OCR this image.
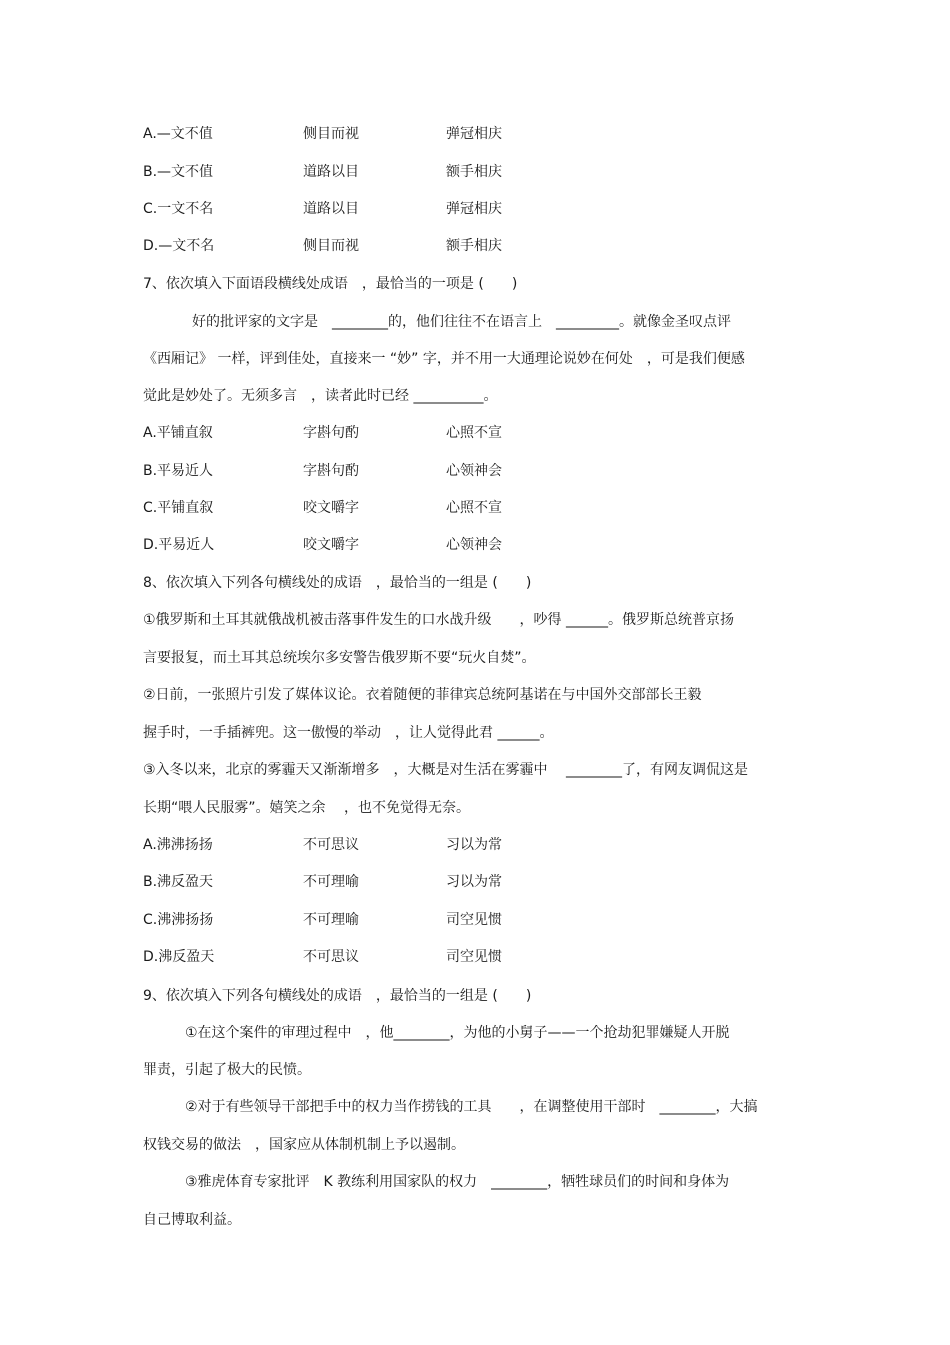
A.—文不值	侧目而视	弹冠相庆
B.—文不值	道路以目	额手相庆
C.一文不名	道路以目	弹冠相庆
D.—文不名	侧目而视	额手相庆
7、依次填入下面语段横线处成语　，最恰当的一项是 (　　)
好的批评家的文字是　________的，他们往往不在语言上　_________。就像金圣叹点评
《西厢记》 一样，评到佳处，直接来一 “妙” 字，并不用一大通理论说妙在何处　，可是我们便感
觉此是妙处了。无须多言　，读者此时已经 __________。
A.平铺直叙	字斟句酌	心照不宣
B.平易近人	字斟句酌	心领神会
C.平铺直叙	咬文嚼字	心照不宣
D.平易近人	咬文嚼字	心领神会
8、依次填入下列各句横线处的成语　，最恰当的一组是 (　　)
①俄罗斯和土耳其就俄战机被击落事件发生的口水战升级　　，吵得 ______。俄罗斯总统普京扬
言要报复，而土耳其总统埃尔多安警告俄罗斯不要“玩火自焚”。
②日前，一张照片引发了媒体议论。衣着随便的菲律宾总统阿基诺在与中国外交部部长王毅
握手时，一手插裤兜。这一傲慢的举动　，让人觉得此君 ______。
③入冬以来，北京的雾霾天又渐渐增多　，大概是对生活在雾霾中　 ________了，有网友调侃这是
长期“喂人民服雾”。嬉笑之余　 ，也不免觉得无奈。
A.沸沸扬扬	不可思议	习以为常
B.沸反盈天	不可理喻	习以为常
C.沸沸扬扬	不可理喻	司空见惯
D.沸反盈天	不可思议	司空见惯
9、依次填入下列各句横线处的成语　，最恰当的一组是 (　　)
①在这个案件的审理过程中　，他________，为他的小舅子——一个抢劫犯罪嫌疑人开脱
罪责，引起了极大的民愤。
②对于有些领导干部把手中的权力当作捞钱的工具　　，在调整使用干部时　________，大搞
权钱交易的做法　，国家应从体制机制上予以遏制。
③雅虎体育专家批评　K 教练利用国家队的权力　________，牺牲球员们的时间和身体为
自己博取利益。
